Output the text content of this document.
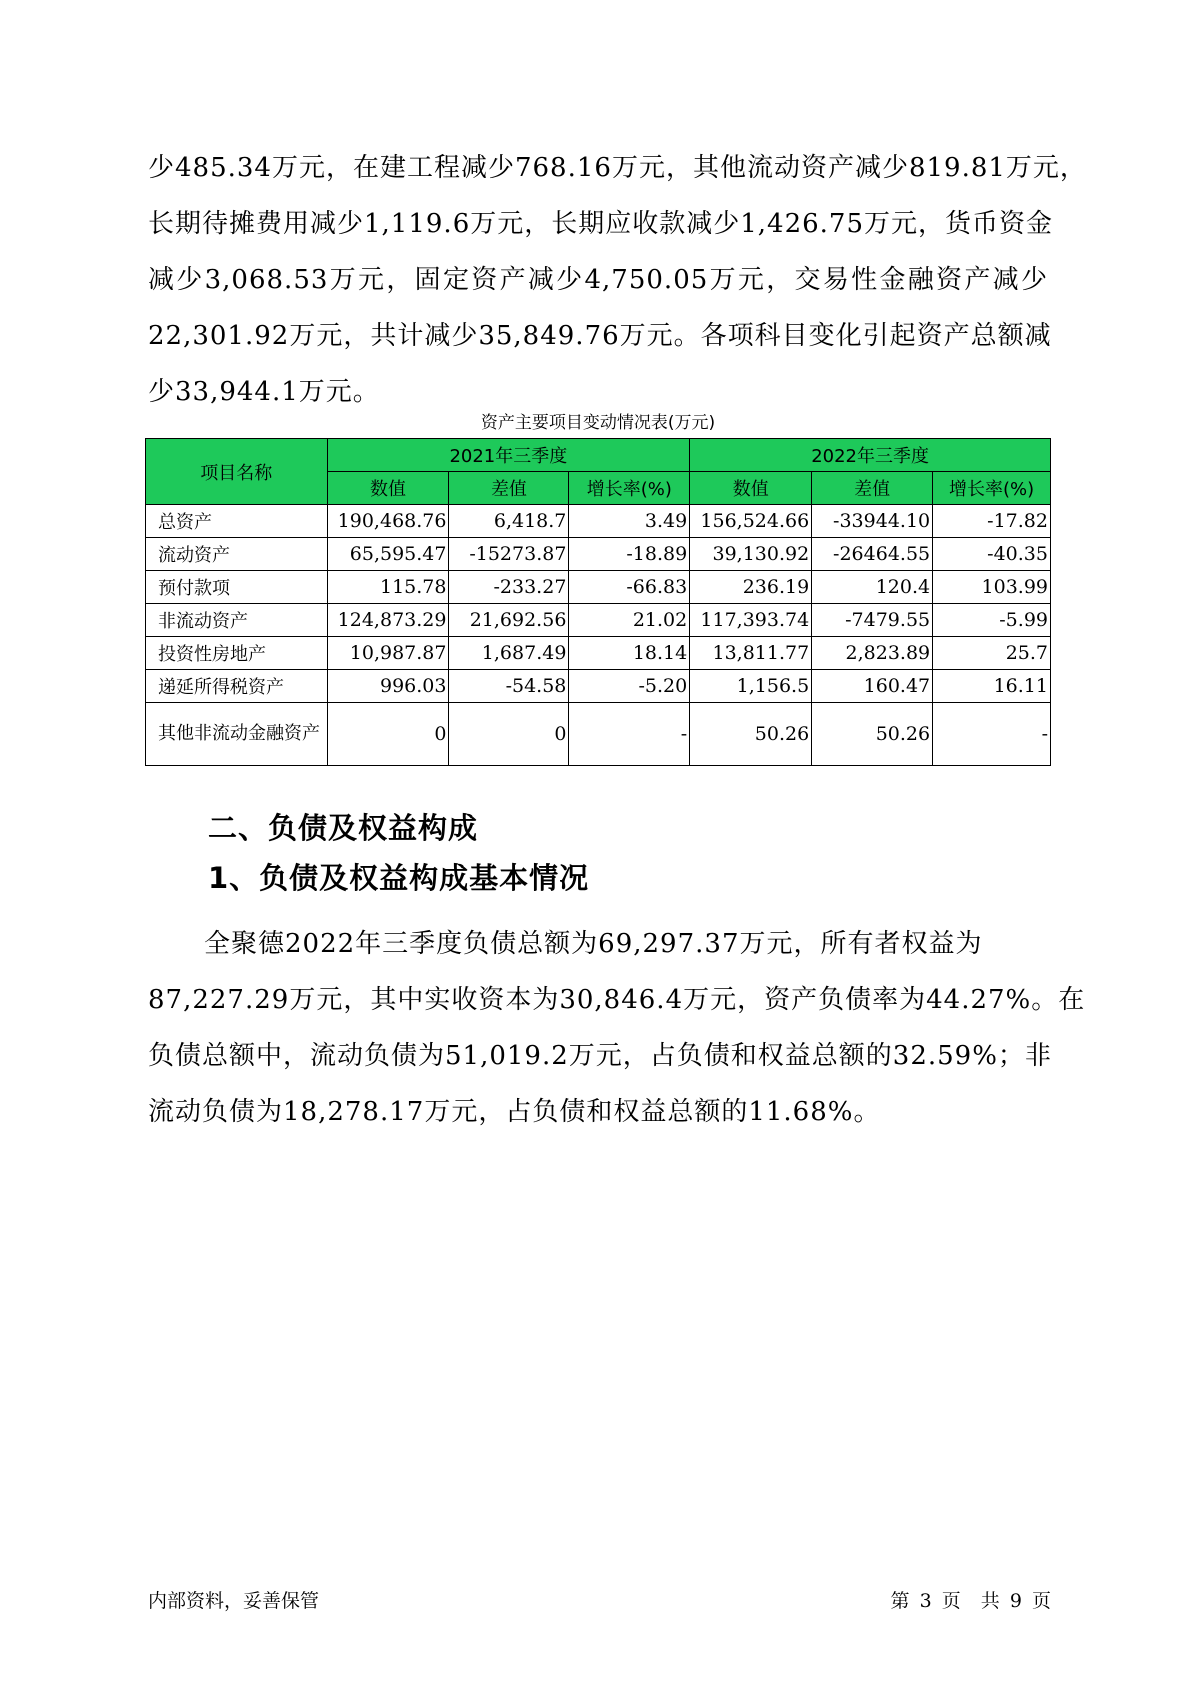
少485.34万元，在建工程减少768.16万元，其他流动资产减少819.81万元，
长期待摊费用减少1,119.6万元，长期应收款减少1,426.75万元，货币资金
减少3,068.53万元，固定资产减少4,750.05万元，交易性金融资产减少
22,301.92万元，共计减少35,849.76万元。各项科目变化引起资产总额减
少33,944.1万元。
资产主要项目变动情况表(万元)
项目名称	2021年三季度			2022年三季度		
	数值	差值	增长率(%)	数值	差值	增长率(%)
总资产	190,468.76	6,418.7	3.49	156,524.66	-33944.10	-17.82
流动资产	65,595.47	-15273.87	-18.89	39,130.92	-26464.55	-40.35
预付款项	115.78	-233.27	-66.83	236.19	120.4	103.99
非流动资产	124,873.29	21,692.56	21.02	117,393.74	-7479.55	-5.99
投资性房地产	10,987.87	1,687.49	18.14	13,811.77	2,823.89	25.7
递延所得税资产	996.03	-54.58	-5.20	1,156.5	160.47	16.11
其他非流动金融资产	0	0	-	50.26	50.26	-
二、负债及权益构成
1、负债及权益构成基本情况
全聚德2022年三季度负债总额为69,297.37万元，所有者权益为
87,227.29万元，其中实收资本为30,846.4万元，资产负债率为44.27%。在
负债总额中，流动负债为51,019.2万元，占负债和权益总额的32.59%；非
流动负债为18,278.17万元，占负债和权益总额的11.68%。
内部资料，妥善保管	第 3 页 共 9 页
